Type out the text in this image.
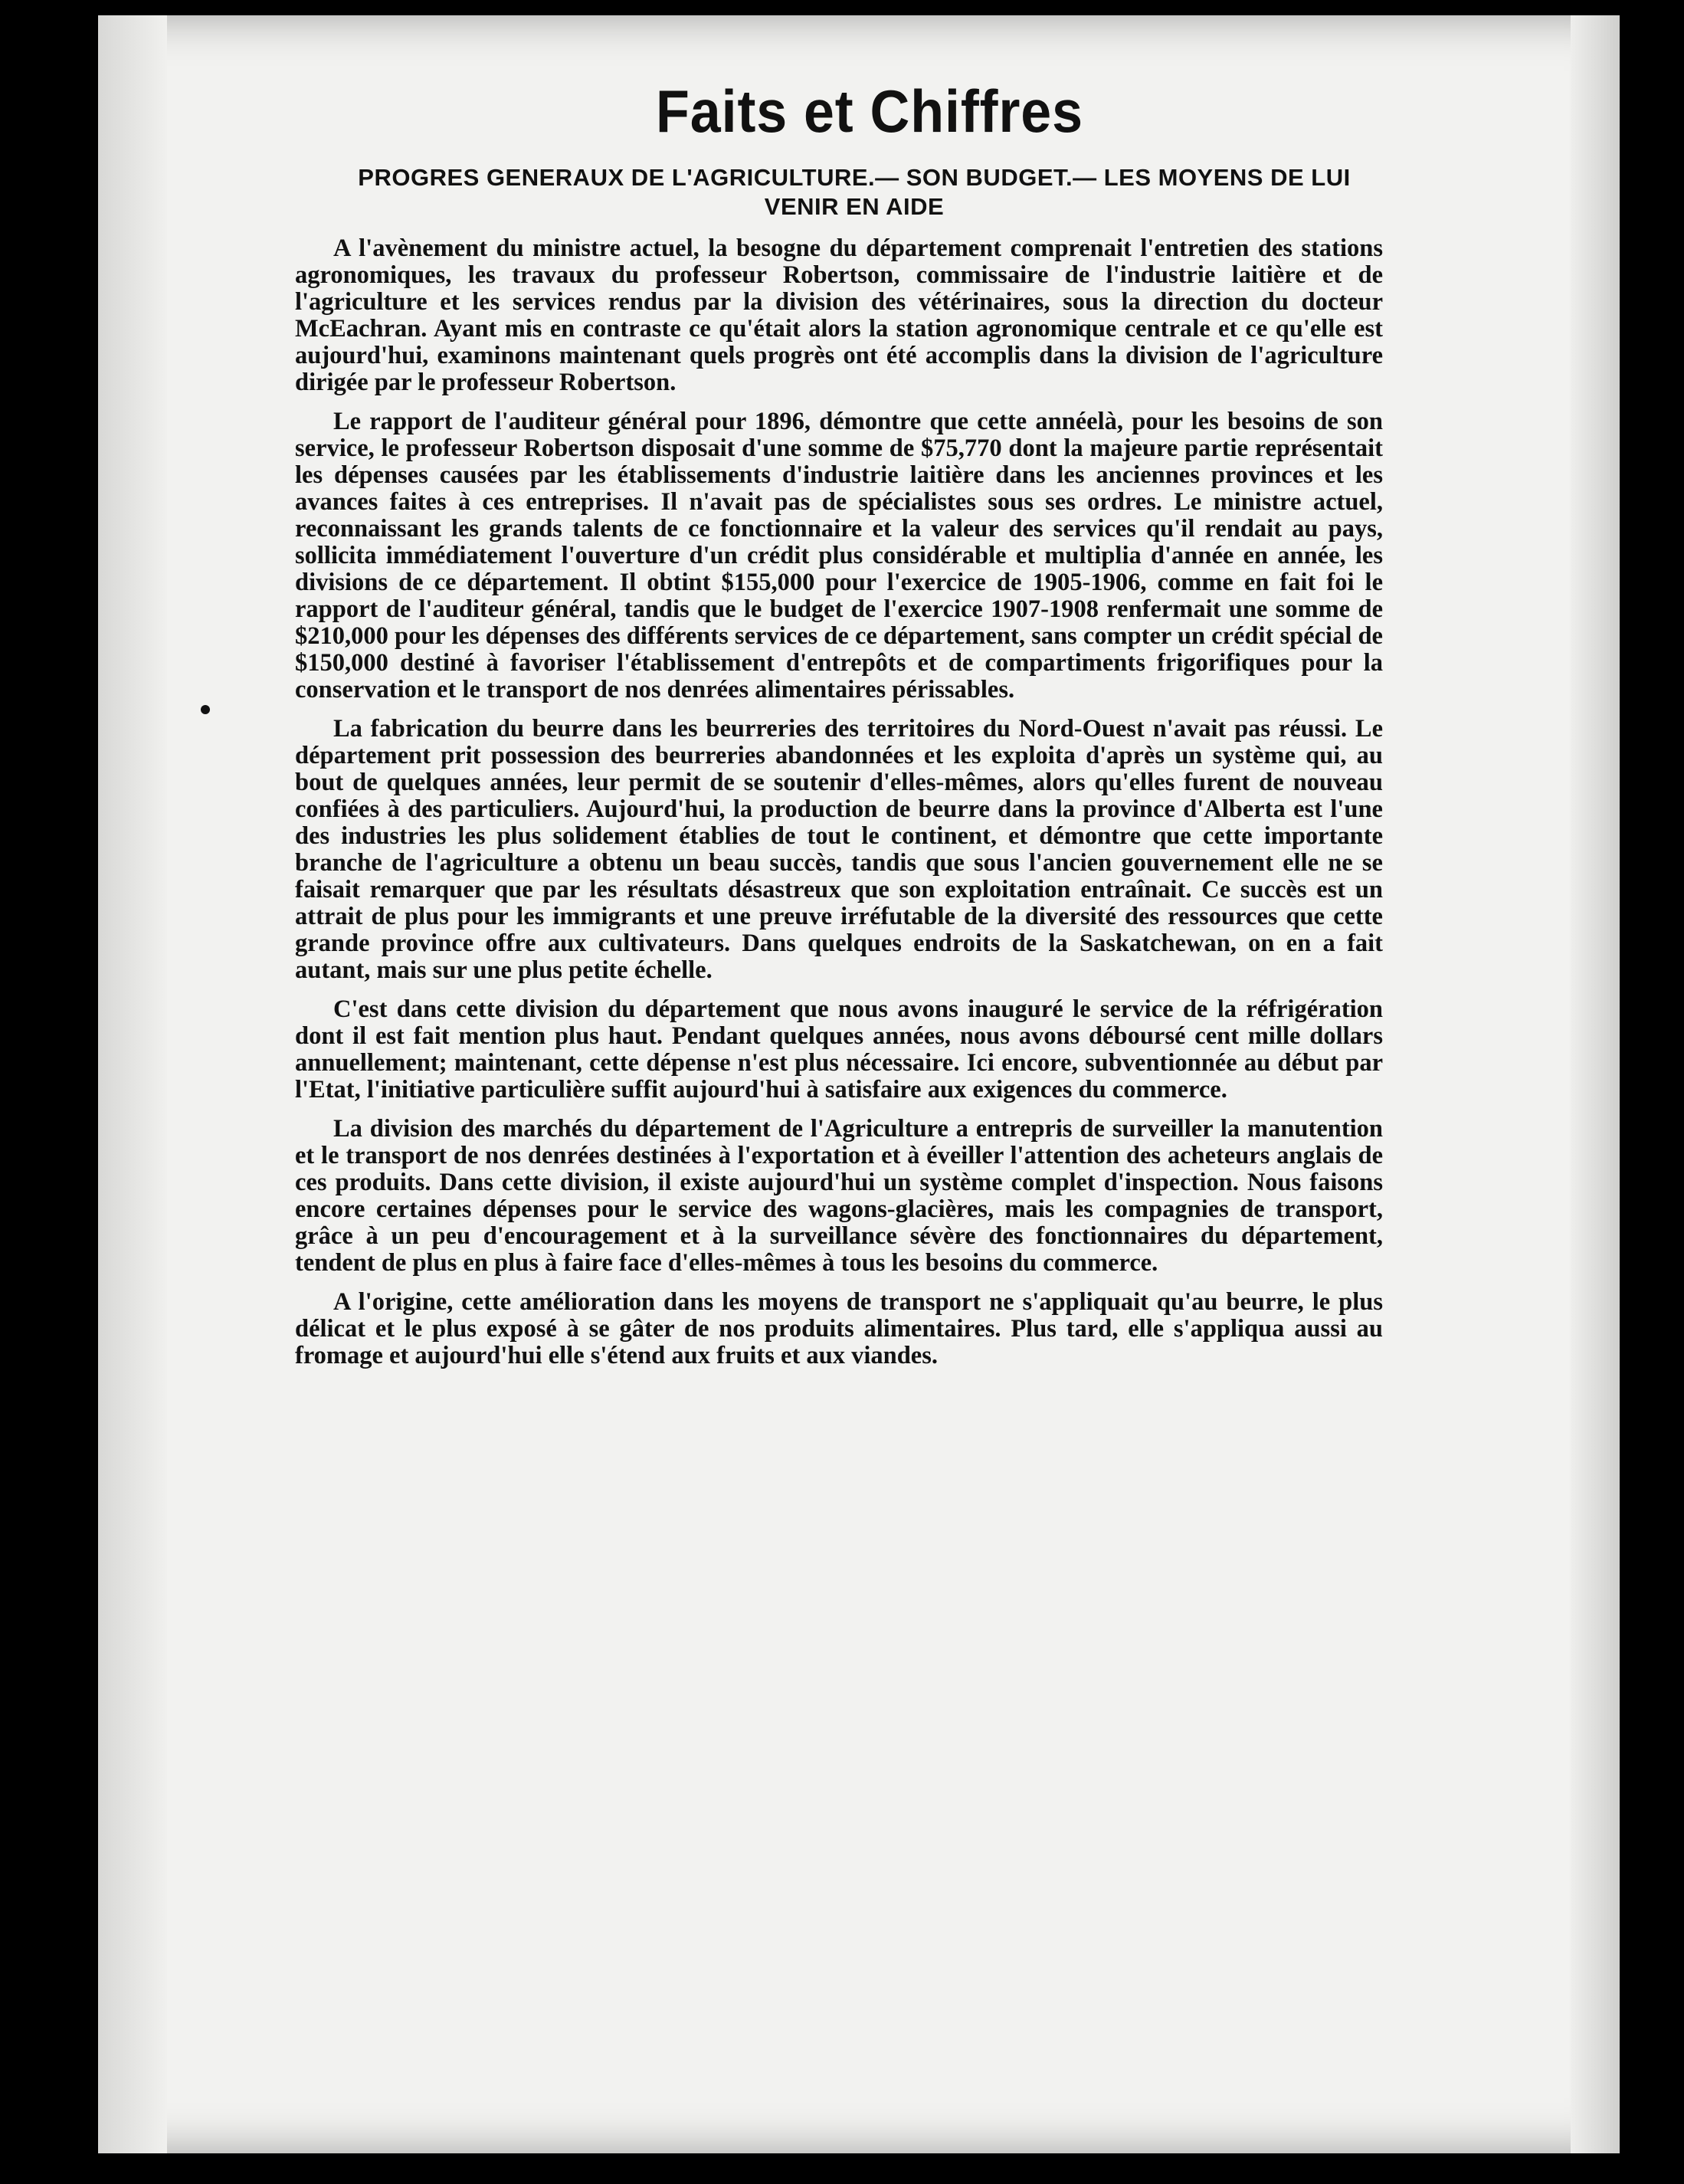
Faits et Chiffres
PROGRES GENERAUX DE L'AGRICULTURE.— SON BUDGET.— LES MOYENS DE LUI VENIR EN AIDE

A l'avènement du ministre actuel, la besogne du département comprenait l'entretien des stations agronomiques, les travaux du professeur Robertson, commissaire de l'industrie laitière et de l'agriculture et les services rendus par la division des vétérinaires, sous la direction du docteur McEachran. Ayant mis en contraste ce qu'était alors la station agronomique centrale et ce qu'elle est aujourd'hui, examinons maintenant quels progrès ont été accomplis dans la division de l'agriculture dirigée par le professeur Robertson.

Le rapport de l'auditeur général pour 1896, démontre que cette annéelà, pour les besoins de son service, le professeur Robertson disposait d'une somme de $75,770 dont la majeure partie représentait les dépenses causées par les établissements d'industrie laitière dans les anciennes provinces et les avances faites à ces entreprises. Il n'avait pas de spécialistes sous ses ordres. Le ministre actuel, reconnaissant les grands talents de ce fonctionnaire et la valeur des services qu'il rendait au pays, sollicita immédiatement l'ouverture d'un crédit plus considérable et multiplia d'année en année, les divisions de ce département. Il obtint $155,000 pour l'exercice de 1905-1906, comme en fait foi le rapport de l'auditeur général, tandis que le budget de l'exercice 1907-1908 renfermait une somme de $210,000 pour les dépenses des différents services de ce département, sans compter un crédit spécial de $150,000 destiné à favoriser l'établissement d'entrepôts et de compartiments frigorifiques pour la conservation et le transport de nos denrées alimentaires périssables.

La fabrication du beurre dans les beurreries des territoires du Nord-Ouest n'avait pas réussi. Le département prit possession des beurreries abandonnées et les exploita d'après un système qui, au bout de quelques années, leur permit de se soutenir d'elles-mêmes, alors qu'elles furent de nouveau confiées à des particuliers. Aujourd'hui, la production de beurre dans la province d'Alberta est l'une des industries les plus solidement établies de tout le continent, et démontre que cette importante branche de l'agriculture a obtenu un beau succès, tandis que sous l'ancien gouvernement elle ne se faisait remarquer que par les résultats désastreux que son exploitation entraînait. Ce succès est un attrait de plus pour les immigrants et une preuve irréfutable de la diversité des ressources que cette grande province offre aux cultivateurs. Dans quelques endroits de la Saskatchewan, on en a fait autant, mais sur une plus petite échelle.

C'est dans cette division du département que nous avons inauguré le service de la réfrigération dont il est fait mention plus haut. Pendant quelques années, nous avons déboursé cent mille dollars annuellement; maintenant, cette dépense n'est plus nécessaire. Ici encore, subventionnée au début par l'Etat, l'initiative particulière suffit aujourd'hui à satisfaire aux exigences du commerce.

La division des marchés du département de l'Agriculture a entrepris de surveiller la manutention et le transport de nos denrées destinées à l'exportation et à éveiller l'attention des acheteurs anglais de ces produits. Dans cette division, il existe aujourd'hui un système complet d'inspection. Nous faisons encore certaines dépenses pour le service des wagons-glacières, mais les compagnies de transport, grâce à un peu d'encouragement et à la surveillance sévère des fonctionnaires du département, tendent de plus en plus à faire face d'elles-mêmes à tous les besoins du commerce.

A l'origine, cette amélioration dans les moyens de transport ne s'appliquait qu'au beurre, le plus délicat et le plus exposé à se gâter de nos produits alimentaires. Plus tard, elle s'appliqua aussi au fromage et aujourd'hui elle s'étend aux fruits et aux viandes.
